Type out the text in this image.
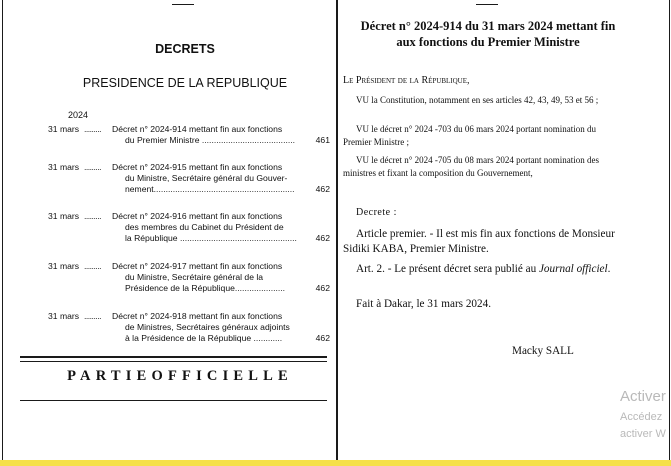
DECRETS
PRESIDENCE DE LA REPUBLIQUE
2024
31 mars ......... Décret n° 2024-914 mettant fin aux fonctions
du Premier Ministre .......................................	461
31 mars ......... Décret n° 2024-915 mettant fin aux fonctions
du Ministre, Secrétaire général du Gouver-
nement...........................................................	462
31 mars ......... Décret n° 2024-916 mettant fin aux fonctions
des membres du Cabinet du Président de
la République .................................................	462
31 mars ......... Décret n° 2024-917 mettant fin aux fonctions
du Ministre, Secrétaire général de la
Présidence de la République.....................	462
31 mars ......... Décret n° 2024-918 mettant fin aux fonctions
de Ministres, Secrétaires généraux adjoints
à la Présidence de la République ............	462
PARTIEOFFICIELLE
Décret n° 2024-914 du 31 mars 2024 mettant fin
aux fonctions du Premier Ministre
Le Président de la République,
VU la Constitution, notamment en ses articles 42, 43, 49, 53 et 56 ;
VU le décret n° 2024 -703 du 06 mars 2024 portant nomination du Premier Ministre ;
VU le décret n° 2024 -705 du 08 mars 2024 portant nomination des ministres et fixant la composition du Gouvernement,
Decrete :
Article premier. - Il est mis fin aux fonctions de Monsieur Sidiki KABA, Premier Ministre.
Art. 2. - Le présent décret sera publié au Journal officiel.
Fait à Dakar, le 31 mars 2024.
Macky SALL
Activer
Accédez
activer W
